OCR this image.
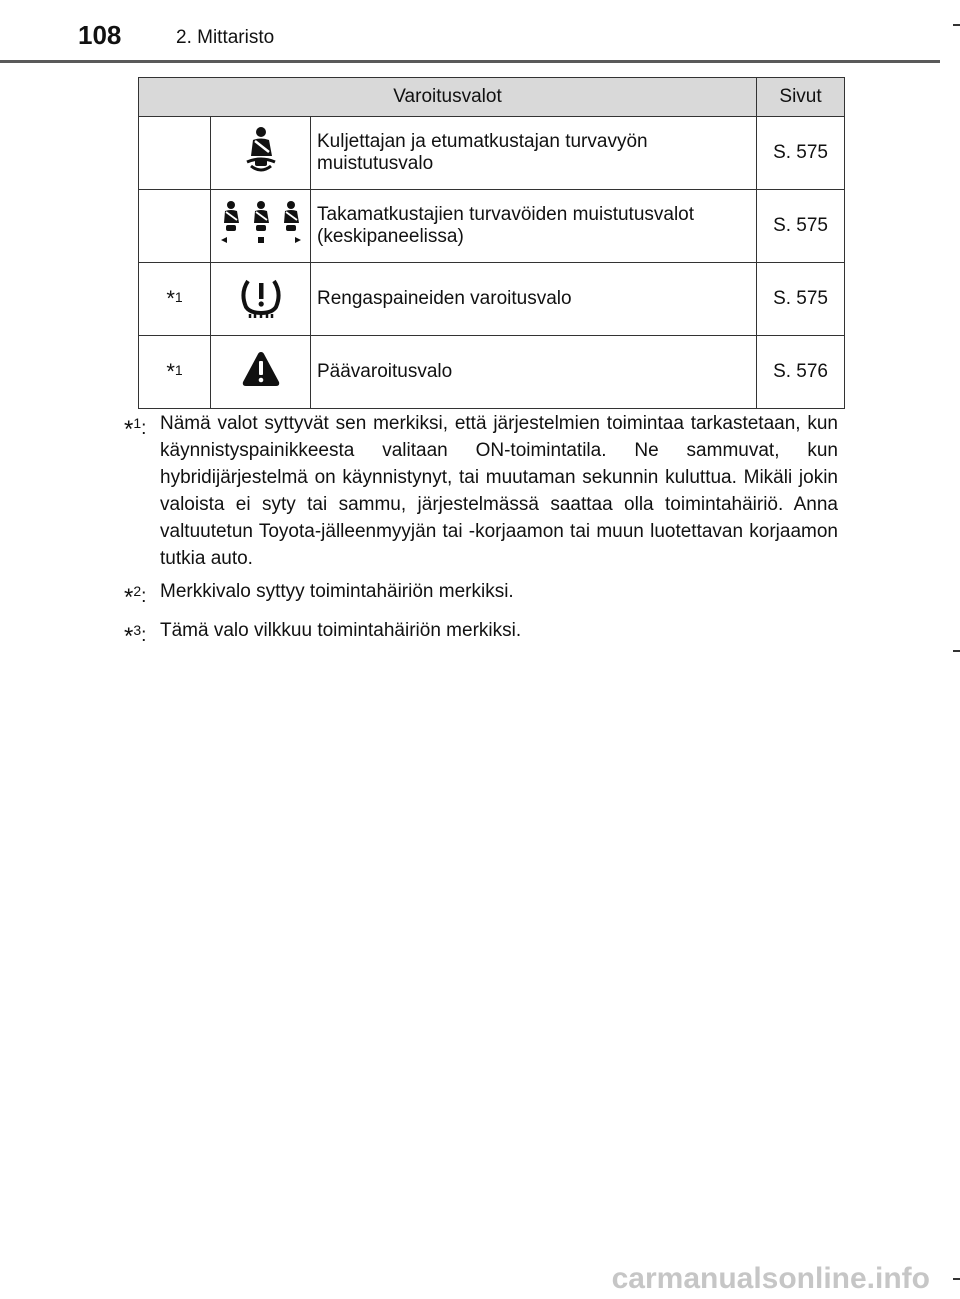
108	2. Mittaristo
Varoitusvalot			Sivut
		Kuljettajan ja etumatkustajan turvavyön muistutusvalo	S. 575
		Takamatkustajien turvavöiden muistutusvalot (keskipaneelissa)	S. 575
*1		Rengaspaineiden varoitusvalo	S. 575
*1		Päävaroitusvalo	S. 576
*$^1$: Nämä valot syttyvät sen merkiksi, että järjestelmien toimintaa tarkastetaan, kun käynnistyspainikkeesta valitaan ON-toimintatila. Ne sammuvat, kun hybridijärjestelmä on käynnistynyt, tai muutaman sekunnin kuluttua. Mikäli jokin valoista ei syty tai sammu, järjestelmässä saattaa olla toimintahäiriö. Anna valtuutetun Toyota-jälleenmyyjän tai -korjaamon tai muun luotettavan korjaamon tutkia auto.
*$^2$: Merkkivalo syttyy toimintahäiriön merkiksi.
*$^3$: Tämä valo vilkkuu toimintahäiriön merkiksi.
carmanualsonline.info
